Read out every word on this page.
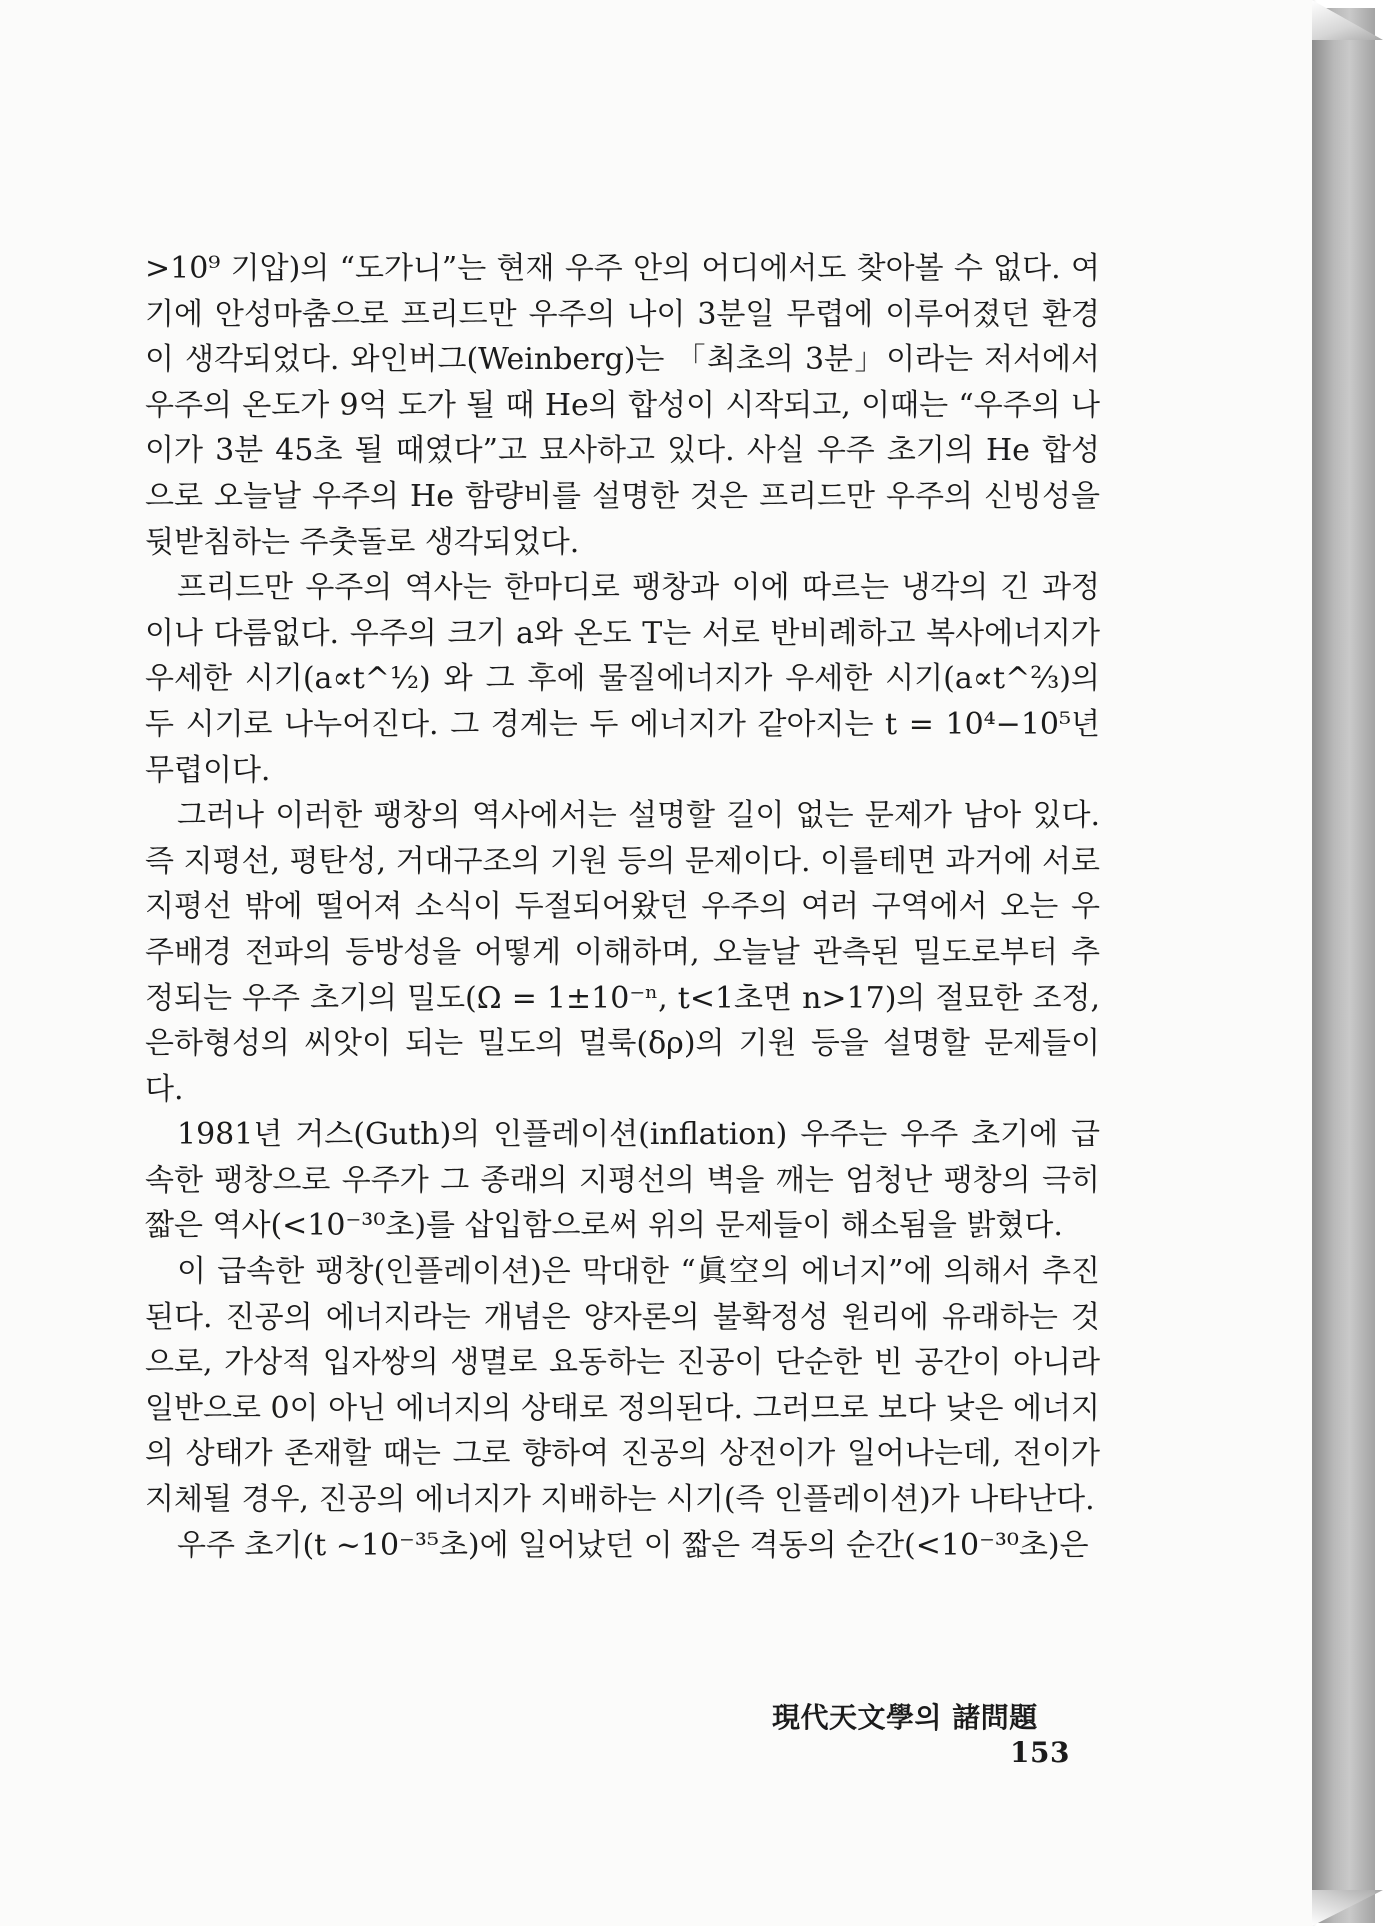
>10⁹ 기압)의 “도가니”는 현재 우주 안의 어디에서도 찾아볼 수 없다. 여기에 안성마춤으로 프리드만 우주의 나이 3분일 무렵에 이루어졌던 환경이 생각되었다. 와인버그(Weinberg)는 「최초의 3분」이라는 저서에서 우주의 온도가 9억 도가 될 때 He의 합성이 시작되고, 이때는 “우주의 나이가 3분 45초 될 때였다”고 묘사하고 있다. 사실 우주 초기의 He 합성으로 오늘날 우주의 He 함량비를 설명한 것은 프리드만 우주의 신빙성을 뒷받침하는 주춧돌로 생각되었다.

프리드만 우주의 역사는 한마디로 팽창과 이에 따르는 냉각의 긴 과정이나 다름없다. 우주의 크기 a와 온도 T는 서로 반비례하고 복사에너지가 우세한 시기(a∝t^½) 와 그 후에 물질에너지가 우세한 시기(a∝t^⅔)의 두 시기로 나누어진다. 그 경계는 두 에너지가 같아지는 t = 10⁴−10⁵년 무렵이다.

그러나 이러한 팽창의 역사에서는 설명할 길이 없는 문제가 남아 있다. 즉 지평선, 평탄성, 거대구조의 기원 등의 문제이다. 이를테면 과거에 서로 지평선 밖에 떨어져 소식이 두절되어왔던 우주의 여러 구역에서 오는 우주배경 전파의 등방성을 어떻게 이해하며, 오늘날 관측된 밀도로부터 추정되는 우주 초기의 밀도(Ω = 1±10⁻ⁿ, t<1초면 n>17)의 절묘한 조정, 은하형성의 씨앗이 되는 밀도의 멀룩(δρ)의 기원 등을 설명할 문제들이다.

1981년 거스(Guth)의 인플레이션(inflation) 우주는 우주 초기에 급속한 팽창으로 우주가 그 종래의 지평선의 벽을 깨는 엄청난 팽창의 극히 짧은 역사(<10⁻³⁰초)를 삽입함으로써 위의 문제들이 해소됨을 밝혔다.

이 급속한 팽창(인플레이션)은 막대한 “眞空의 에너지”에 의해서 추진된다. 진공의 에너지라는 개념은 양자론의 불확정성 원리에 유래하는 것으로, 가상적 입자쌍의 생멸로 요동하는 진공이 단순한 빈 공간이 아니라 일반으로 0이 아닌 에너지의 상태로 정의된다. 그러므로 보다 낮은 에너지의 상태가 존재할 때는 그로 향하여 진공의 상전이가 일어나는데, 전이가 지체될 경우, 진공의 에너지가 지배하는 시기(즉 인플레이션)가 나타난다.

우주 초기(t ~10⁻³⁵초)에 일어났던 이 짧은 격동의 순간(<10⁻³⁰초)은

現代天文學의 諸問題  153
